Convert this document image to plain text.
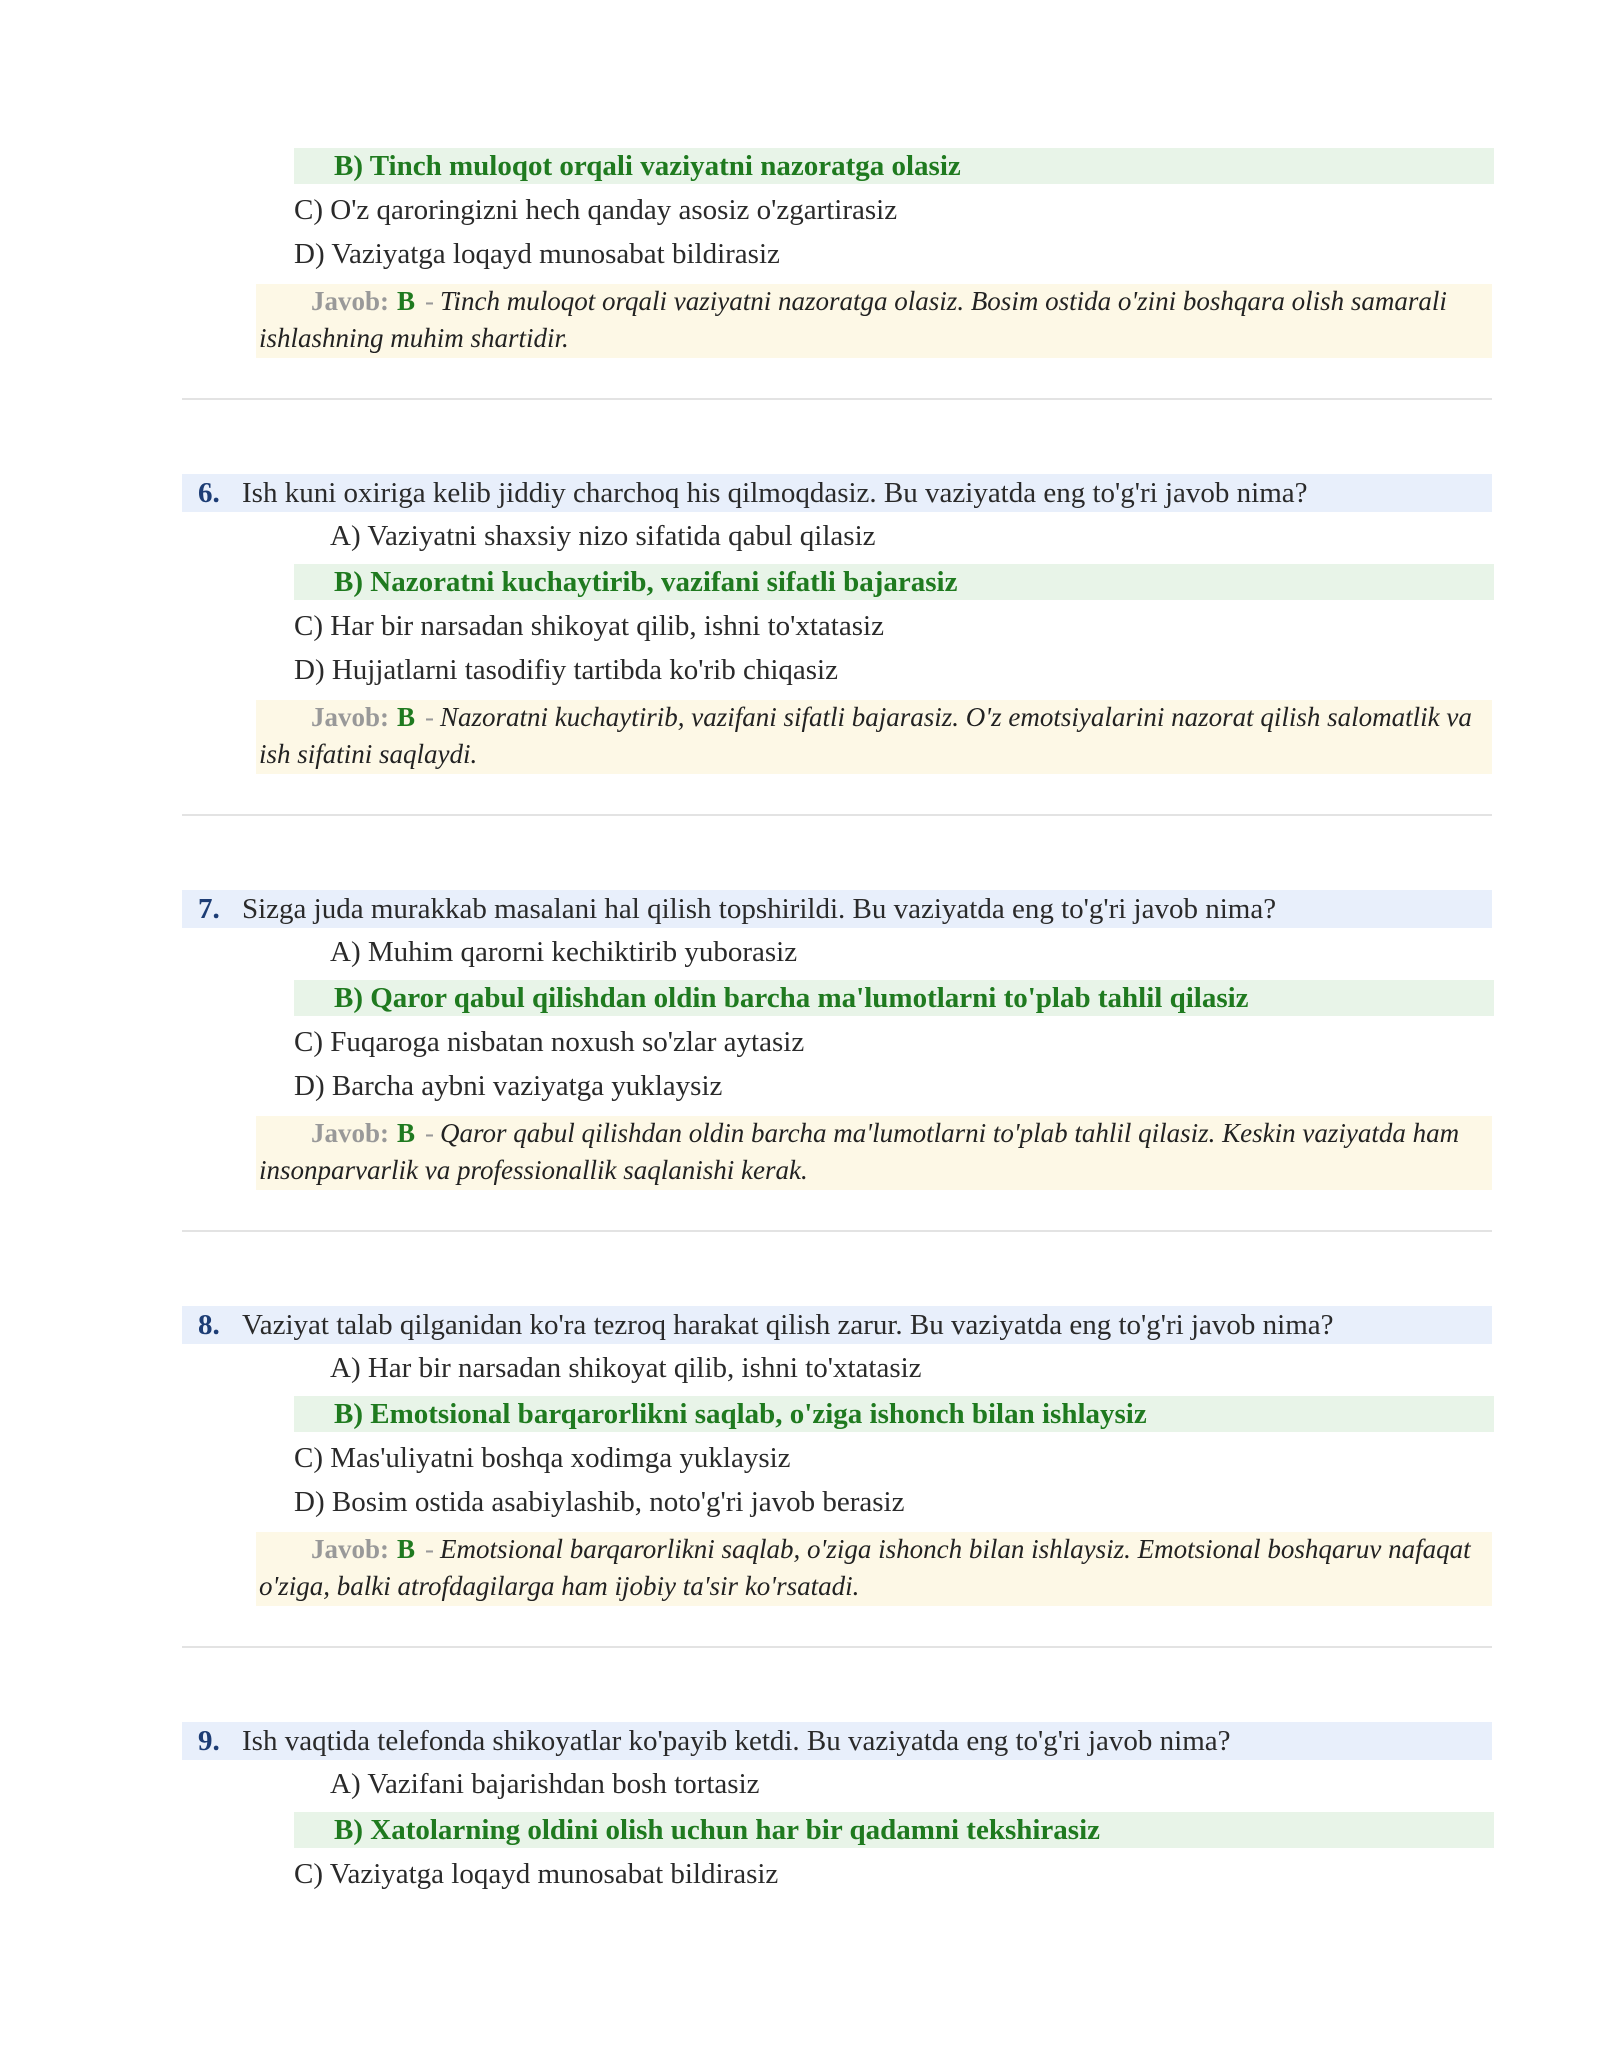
B) Tinch muloqot orqali vaziyatni nazoratga olasiz
C) O'z qaroringizni hech qanday asosiz o'zgartirasiz
D) Vaziyatga loqayd munosabat bildirasiz
Javob: B - Tinch muloqot orqali vaziyatni nazoratga olasiz. Bosim ostida o'zini boshqara olish samarali ishlashning muhim shartidir.
6. Ish kuni oxiriga kelib jiddiy charchoq his qilmoqdasiz. Bu vaziyatda eng to'g'ri javob nima?
A) Vaziyatni shaxsiy nizo sifatida qabul qilasiz
B) Nazoratni kuchaytirib, vazifani sifatli bajarasiz
C) Har bir narsadan shikoyat qilib, ishni to'xtatasiz
D) Hujjatlarni tasodifiy tartibda ko'rib chiqasiz
Javob: B - Nazoratni kuchaytirib, vazifani sifatli bajarasiz. O'z emotsiyalarini nazorat qilish salomatlik va ish sifatini saqlaydi.
7. Sizga juda murakkab masalani hal qilish topshirildi. Bu vaziyatda eng to'g'ri javob nima?
A) Muhim qarorni kechiktirib yuborasiz
B) Qaror qabul qilishdan oldin barcha ma'lumotlarni to'plab tahlil qilasiz
C) Fuqaroga nisbatan noxush so'zlar aytasiz
D) Barcha aybni vaziyatga yuklaysiz
Javob: B - Qaror qabul qilishdan oldin barcha ma'lumotlarni to'plab tahlil qilasiz. Keskin vaziyatda ham insonparvarlik va professionallik saqlanishi kerak.
8. Vaziyat talab qilganidan ko'ra tezroq harakat qilish zarur. Bu vaziyatda eng to'g'ri javob nima?
A) Har bir narsadan shikoyat qilib, ishni to'xtatasiz
B) Emotsional barqarorlikni saqlab, o'ziga ishonch bilan ishlaysiz
C) Mas'uliyatni boshqa xodimga yuklaysiz
D) Bosim ostida asabiylashib, noto'g'ri javob berasiz
Javob: B - Emotsional barqarorlikni saqlab, o'ziga ishonch bilan ishlaysiz. Emotsional boshqaruv nafaqat o'ziga, balki atrofdagilarga ham ijobiy ta'sir ko'rsatadi.
9. Ish vaqtida telefonda shikoyatlar ko'payib ketdi. Bu vaziyatda eng to'g'ri javob nima?
A) Vazifani bajarishdan bosh tortasiz
B) Xatolarning oldini olish uchun har bir qadamni tekshirasiz
C) Vaziyatga loqayd munosabat bildirasiz
